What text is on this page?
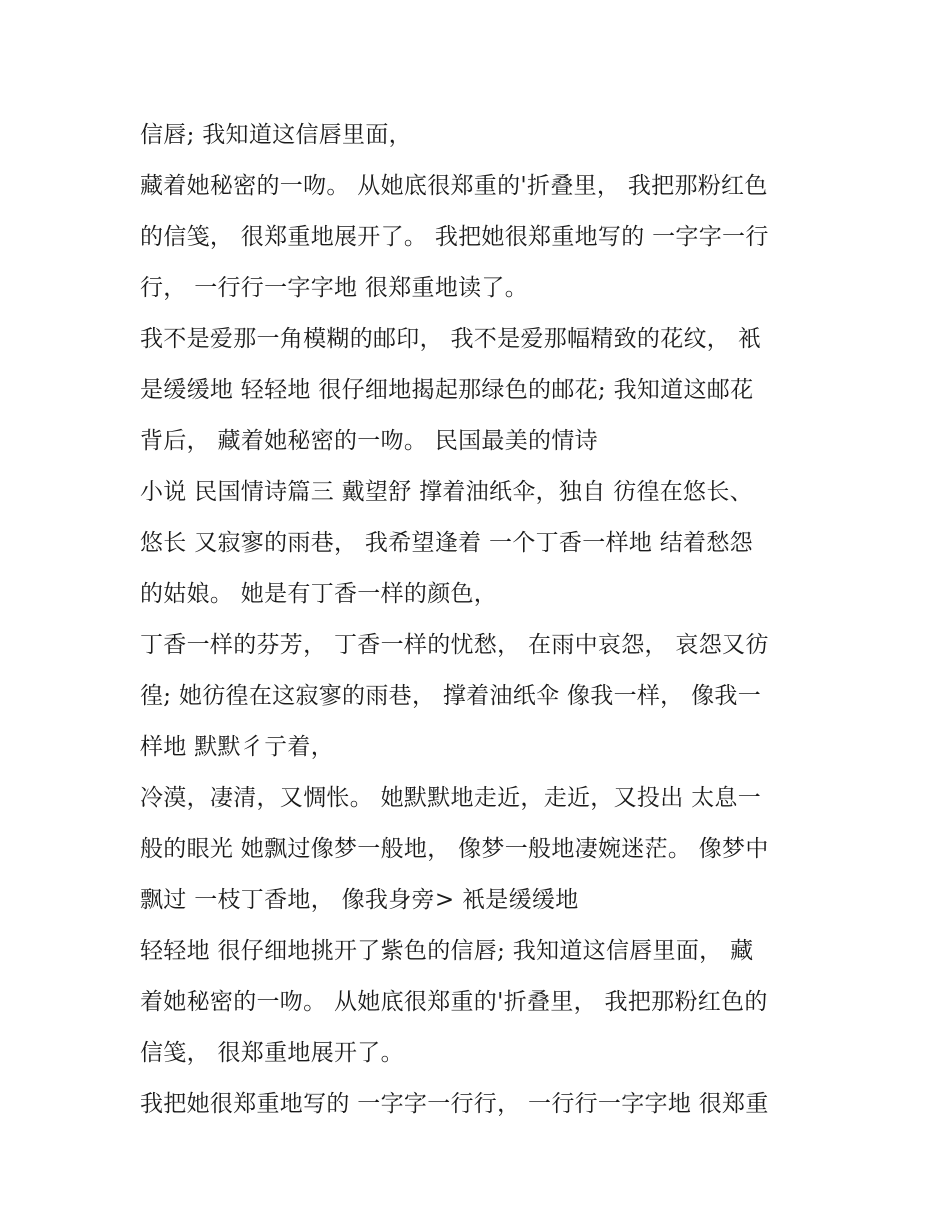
信唇; 我知道这信唇里面，

藏着她秘密的一吻。 从她底很郑重的'折叠里， 我把那粉红色

的信笺， 很郑重地展开了。 我把她很郑重地写的 一字字一行

行， 一行行一字字地 很郑重地读了。

我不是爱那一角模糊的邮印， 我不是爱那幅精致的花纹， 衹

是缓缓地 轻轻地 很仔细地揭起那绿色的邮花; 我知道这邮花

背后， 藏着她秘密的一吻。 民国最美的情诗

小说 民国情诗篇三 戴望舒 撑着油纸伞，独自 彷徨在悠长、

悠长 又寂寥的雨巷， 我希望逢着 一个丁香一样地 结着愁怨

的姑娘。 她是有丁香一样的颜色，

丁香一样的芬芳， 丁香一样的忧愁， 在雨中哀怨， 哀怨又彷

徨; 她彷徨在这寂寥的雨巷， 撑着油纸伞 像我一样， 像我一

样地 默默彳亍着，

冷漠，凄清，又惆怅。 她默默地走近，走近，又投出 太息一

般的眼光 她飘过像梦一般地， 像梦一般地凄婉迷茫。 像梦中

飘过 一枝丁香地， 像我身旁> 衹是缓缓地

轻轻地 很仔细地挑开了紫色的信唇; 我知道这信唇里面， 藏

着她秘密的一吻。 从她底很郑重的'折叠里， 我把那粉红色的

信笺， 很郑重地展开了。

我把她很郑重地写的 一字字一行行， 一行行一字字地 很郑重
